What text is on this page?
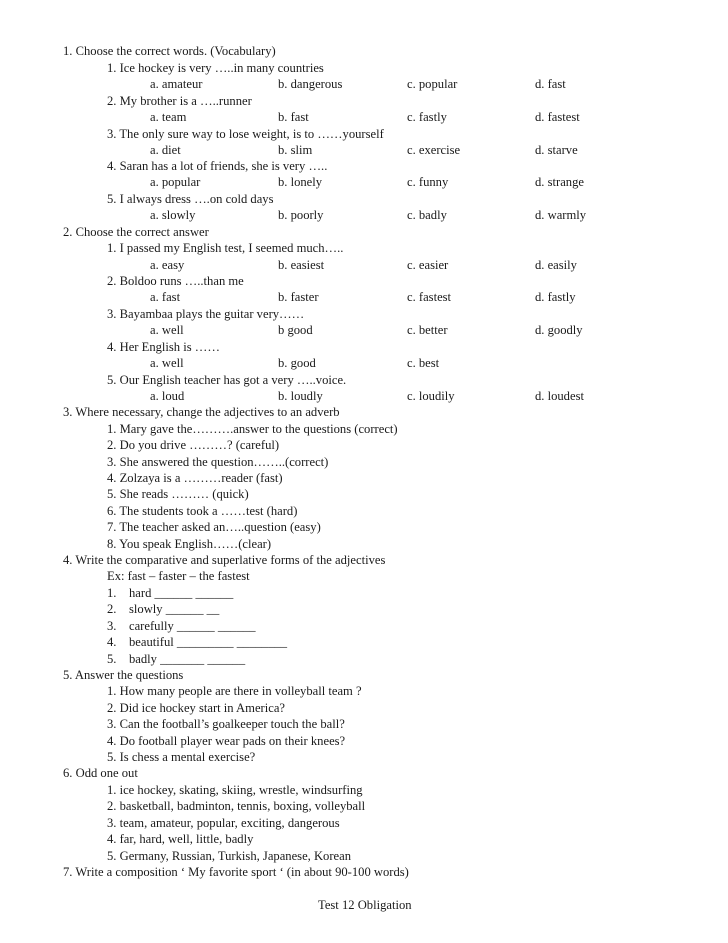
1. Choose the correct words. (Vocabulary)
1. Ice hockey is very …..in many countries
a. amateur	b. dangerous	c. popular	d. fast
2. My brother is a …..runner
a. team	b. fast	c. fastly	d. fastest
3. The only sure way to lose weight, is to ……yourself
a. diet	b. slim	c. exercise	d. starve
4. Saran has a lot of friends, she is very …..
a. popular	b. lonely	c. funny	d. strange
5. I always dress ….on cold days
a. slowly	b. poorly	c. badly	d. warmly
2. Choose the correct answer
1. I passed my English test, I seemed much…..
a. easy	b. easiest	c. easier	d. easily
2. Boldoo runs …..than me
a. fast	b. faster	c. fastest	d. fastly
3. Bayambaa plays the guitar very……
a. well	b good	c. better	d. goodly
4. Her English is ……
a. well	b. good	c. best
5. Our English teacher has got a very …..voice.
a. loud	b. loudly	c. loudily	d. loudest
3. Where necessary, change the adjectives to an adverb
1. Mary gave the……….answer to the questions (correct)
2. Do you drive ………? (careful)
3. She answered the question……..(correct)
4. Zolzaya is a ………reader (fast)
5. She reads ……… (quick)
6. The students took a ……test (hard)
7. The teacher asked an…..question (easy)
8. You speak English……(clear)
4. Write the comparative and superlative forms of the adjectives
Ex: fast – faster – the fastest
1. hard ______ ______
2. slowly ______ __
3. carefully ______ ______
4. beautiful _________ ________
5. badly _______ ______
5. Answer the questions
1. How many people are there in volleyball team ?
2. Did ice hockey start in America?
3. Can the football’s goalkeeper touch the ball?
4. Do football player wear pads on their knees?
5. Is chess a mental exercise?
6. Odd one out
1. ice hockey, skating, skiing, wrestle, windsurfing
2. basketball, badminton, tennis, boxing, volleyball
3. team, amateur, popular, exciting, dangerous
4. far, hard, well, little, badly
5. Germany, Russian, Turkish, Japanese, Korean
7. Write a composition ‘ My favorite sport ‘ (in about 90-100 words)
Test 12 Obligation
